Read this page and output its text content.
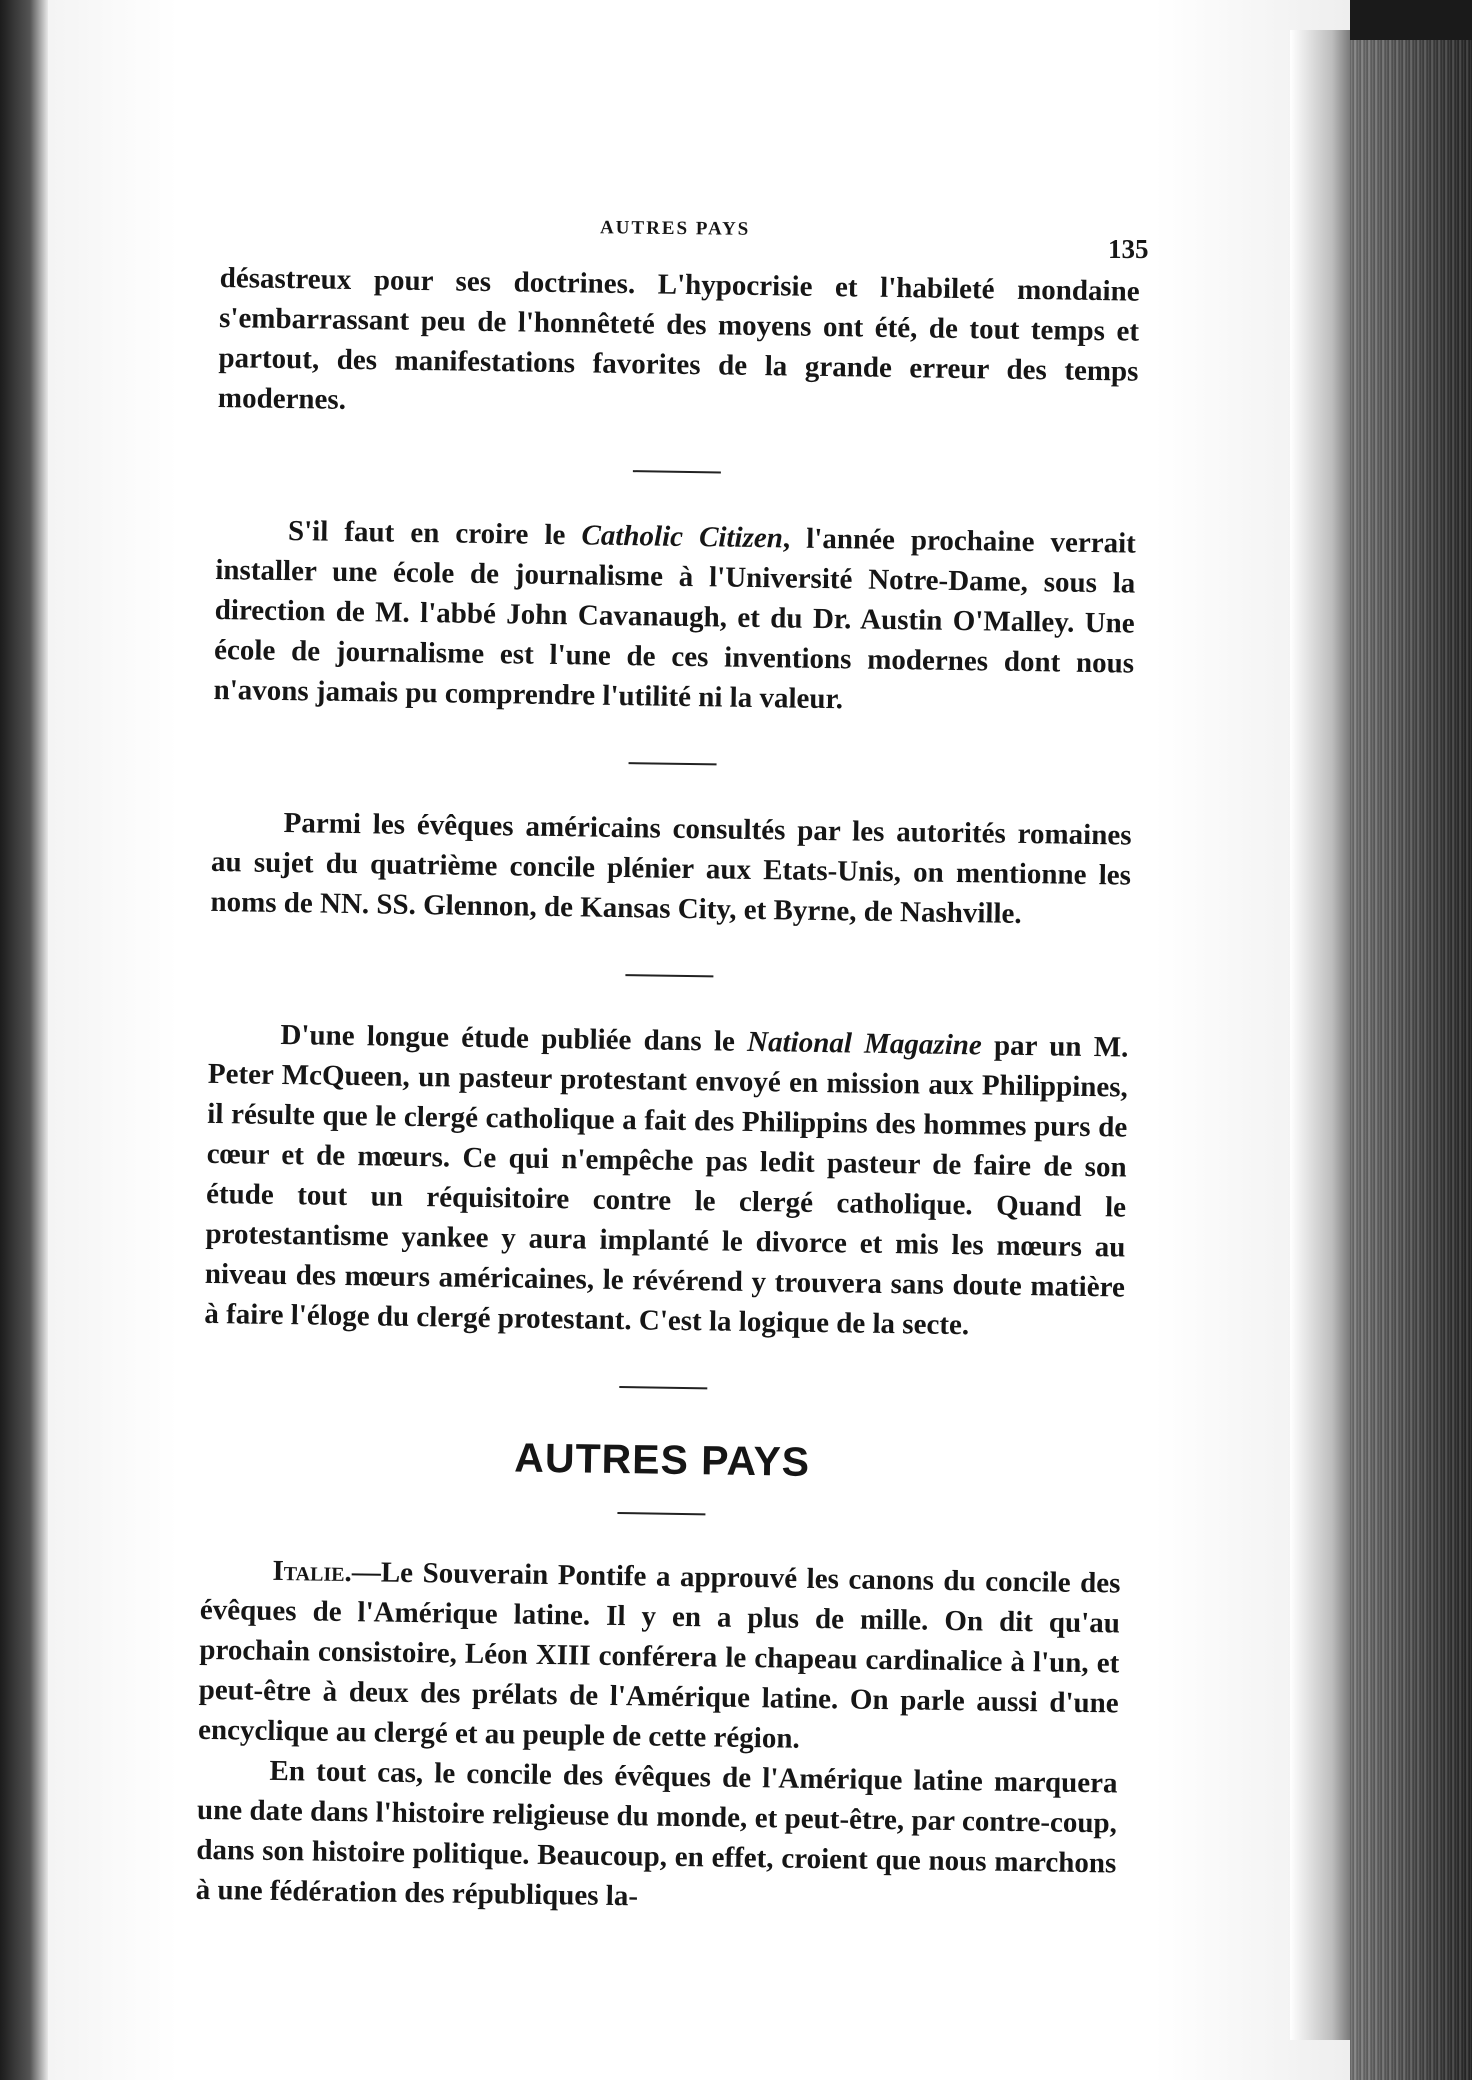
AUTRES PAYS
135

désastreux pour ses doctrines. L'hypocrisie et l'habileté mondaine s'embarrassant peu de l'honnêteté des moyens ont été, de tout temps et partout, des manifestations favorites de la grande erreur des temps modernes.

S'il faut en croire le Catholic Citizen, l'année prochaine verrait installer une école de journalisme à l'Université Notre-Dame, sous la direction de M. l'abbé John Cavanaugh, et du Dr. Austin O'Malley. Une école de journalisme est l'une de ces inventions modernes dont nous n'avons jamais pu comprendre l'utilité ni la valeur.

Parmi les évêques américains consultés par les autorités romaines au sujet du quatrième concile plénier aux Etats-Unis, on mentionne les noms de NN. SS. Glennon, de Kansas City, et Byrne, de Nashville.

D'une longue étude publiée dans le National Magazine par un M. Peter McQueen, un pasteur protestant envoyé en mission aux Philippines, il résulte que le clergé catholique a fait des Philippins des hommes purs de cœur et de mœurs. Ce qui n'empêche pas ledit pasteur de faire de son étude tout un réquisitoire contre le clergé catholique. Quand le protestantisme yankee y aura implanté le divorce et mis les mœurs au niveau des mœurs américaines, le révérend y trouvera sans doute matière à faire l'éloge du clergé protestant. C'est la logique de la secte.

AUTRES PAYS

Italie.—Le Souverain Pontife a approuvé les canons du concile des évêques de l'Amérique latine. Il y en a plus de mille. On dit qu'au prochain consistoire, Léon XIII conférera le chapeau cardinalice à l'un, et peut-être à deux des prélats de l'Amérique latine. On parle aussi d'une encyclique au clergé et au peuple de cette région.

En tout cas, le concile des évêques de l'Amérique latine marquera une date dans l'histoire religieuse du monde, et peut-être, par contre-coup, dans son histoire politique. Beaucoup, en effet, croient que nous marchons à une fédération des républiques la-
